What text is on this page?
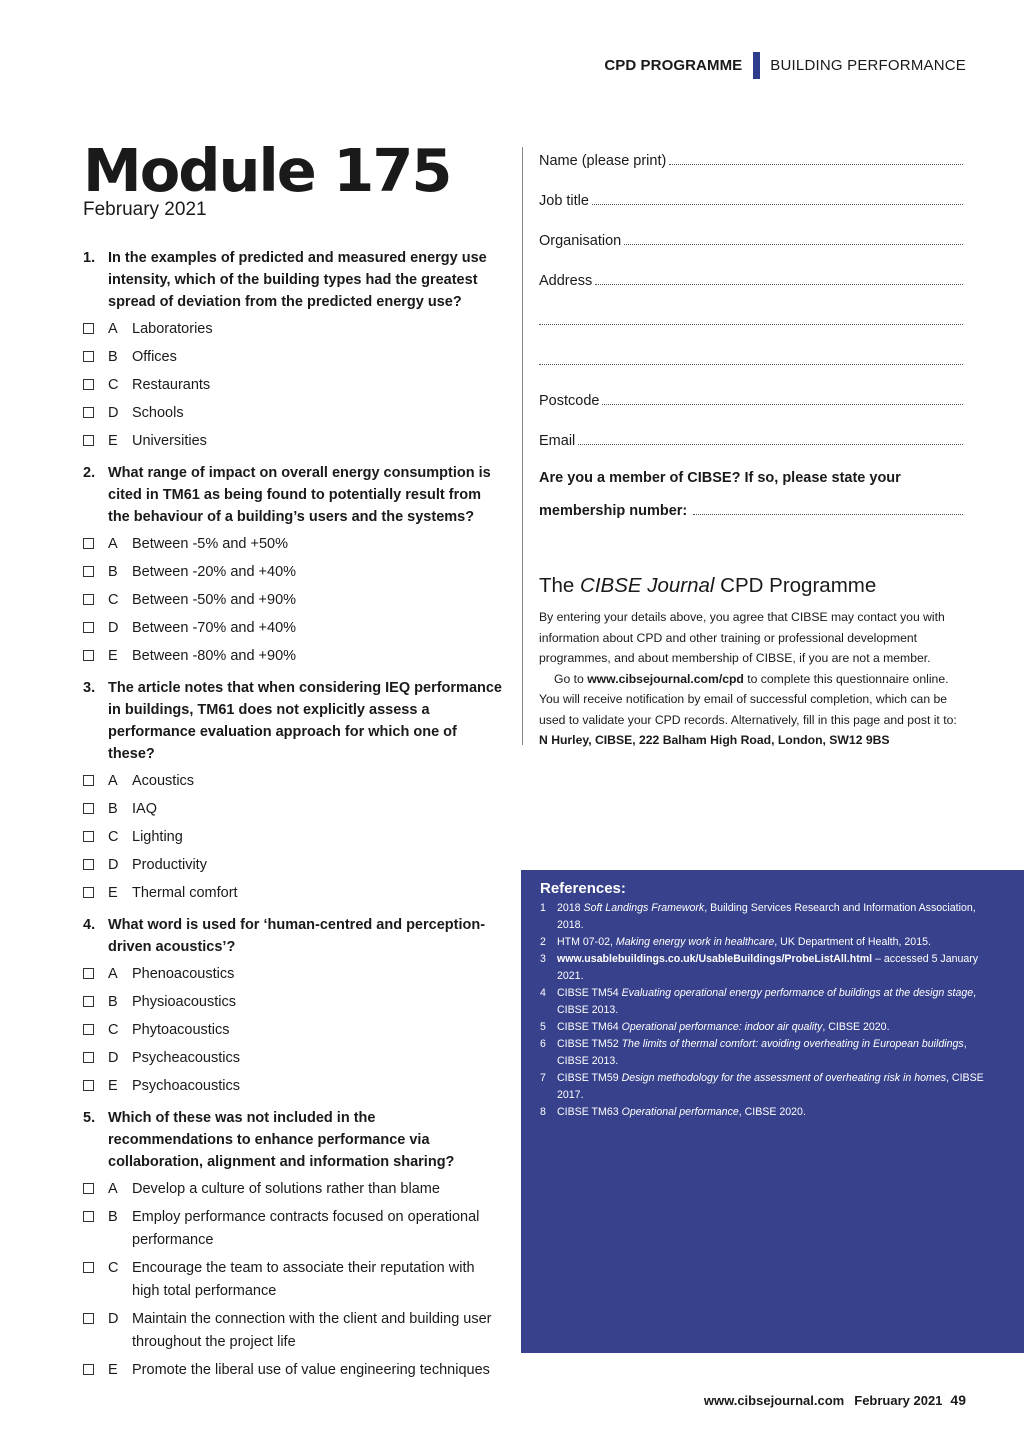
CPD PROGRAMME BUILDING PERFORMANCE
Module 175
February 2021
1. In the examples of predicted and measured energy use intensity, which of the building types had the greatest spread of deviation from the predicted energy use?
A Laboratories
B Offices
C Restaurants
D Schools
E Universities
2. What range of impact on overall energy consumption is cited in TM61 as being found to potentially result from the behaviour of a building’s users and the systems?
A Between -5% and +50%
B Between -20% and +40%
C Between -50% and +90%
D Between -70% and +40%
E Between -80% and +90%
3. The article notes that when considering IEQ performance in buildings, TM61 does not explicitly assess a performance evaluation approach for which one of these?
A Acoustics
B IAQ
C Lighting
D Productivity
E Thermal comfort
4. What word is used for ‘human-centred and perception-driven acoustics’?
A Phenoacoustics
B Physioacoustics
C Phytoacoustics
D Psycheacoustics
E Psychoacoustics
5. Which of these was not included in the recommendations to enhance performance via collaboration, alignment and information sharing?
A Develop a culture of solutions rather than blame
B Employ performance contracts focused on operational performance
C Encourage the team to associate their reputation with high total performance
D Maintain the connection with the client and building user throughout the project life
E Promote the liberal use of value engineering techniques
Name (please print)
Job title
Organisation
Address
Postcode
Email
Are you a member of CIBSE? If so, please state your
membership number:
The CIBSE Journal CPD Programme

By entering your details above, you agree that CIBSE may contact you with information about CPD and other training or professional development programmes, and about membership of CIBSE, if you are not a member.

Go to www.cibsejournal.com/cpd to complete this questionnaire online. You will receive notification by email of successful completion, which can be used to validate your CPD records. Alternatively, fill in this page and post it to: N Hurley, CIBSE, 222 Balham High Road, London, SW12 9BS

References:
1	2018 Soft Landings Framework, Building Services Research and Information Association, 2018.
2	HTM 07-02, Making energy work in healthcare, UK Department of Health, 2015.
3	www.usablebuildings.co.uk/UsableBuildings/ProbeListAll.html – accessed 5 January 2021.
4	CIBSE TM54 Evaluating operational energy performance of buildings at the design stage, CIBSE 2013.
5	CIBSE TM64 Operational performance: indoor air quality, CIBSE 2020.
6	CIBSE TM52 The limits of thermal comfort: avoiding overheating in European buildings, CIBSE 2013.
7	CIBSE TM59 Design methodology for the assessment of overheating risk in homes, CIBSE 2017.
8	CIBSE TM63 Operational performance, CIBSE 2020.
www.cibsejournal.com February 2021 49
